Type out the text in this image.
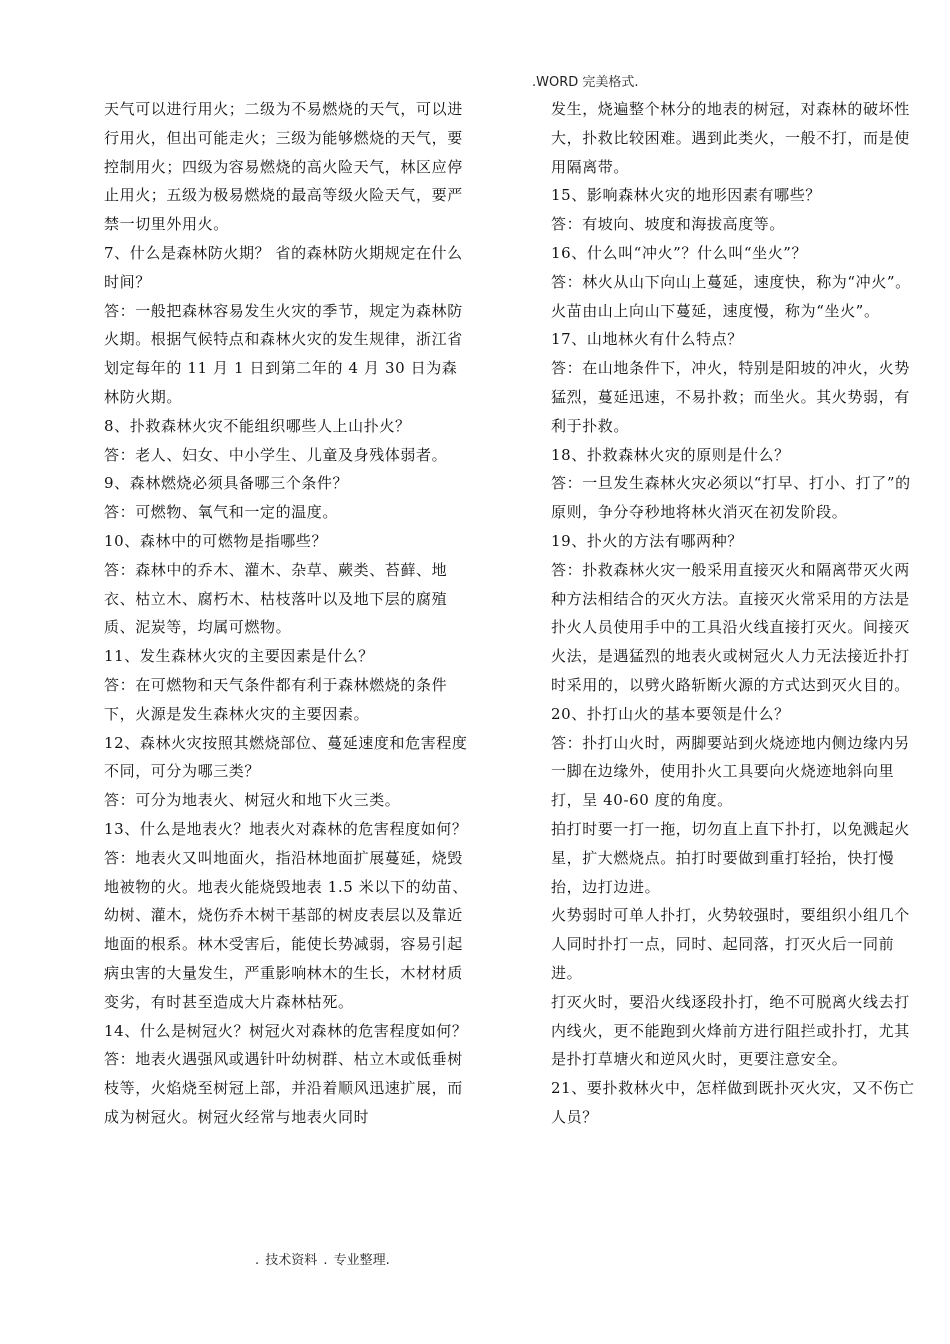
.WORD 完美格式.

天气可以进行用火；二级为不易燃烧的天气，可以进行用火，但出可能走火；三级为能够燃烧的天气，要控制用火；四级为容易燃烧的高火险天气，林区应停止用火；五级为极易燃烧的最高等级火险天气，要严禁一切里外用火。

7、什么是森林防火期？ 省的森林防火期规定在什么时间？

答：一般把森林容易发生火灾的季节，规定为森林防火期。根据气候特点和森林火灾的发生规律，浙江省划定每年的 11 月 1 日到第二年的 4 月 30 日为森林防火期。

8、扑救森林火灾不能组织哪些人上山扑火？

答：老人、妇女、中小学生、儿童及身残体弱者。

9、森林燃烧必须具备哪三个条件？

答：可燃物、氧气和一定的温度。

10、森林中的可燃物是指哪些？

答：森林中的乔木、灌木、杂草、蕨类、苔藓、地衣、枯立木、腐朽木、枯枝落叶以及地下层的腐殖质、泥炭等，均属可燃物。

11、发生森林火灾的主要因素是什么？

答：在可燃物和天气条件都有利于森林燃烧的条件下，火源是发生森林火灾的主要因素。

12、森林火灾按照其燃烧部位、蔓延速度和危害程度不同，可分为哪三类？

答：可分为地表火、树冠火和地下火三类。

13、什么是地表火？地表火对森林的危害程度如何？

答：地表火又叫地面火，指沿林地面扩展蔓延，烧毁地被物的火。地表火能烧毁地表 1.5 米以下的幼苗、幼树、灌木，烧伤乔木树干基部的树皮表层以及靠近地面的根系。林木受害后，能使长势减弱，容易引起病虫害的大量发生，严重影响林木的生长，木材材质变劣，有时甚至造成大片森林枯死。

14、什么是树冠火？树冠火对森林的危害程度如何？

答：地表火遇强风或遇针叶幼树群、枯立木或低垂树枝等，火焰烧至树冠上部，并沿着顺风迅速扩展，而成为树冠火。树冠火经常与地表火同时

发生，烧遍整个林分的地表的树冠，对森林的破坏性大，扑救比较困难。遇到此类火，一般不打，而是使用隔离带。

15、影响森林火灾的地形因素有哪些？

答：有坡向、坡度和海拔高度等。

16、什么叫“冲火”？什么叫“坐火”？

答：林火从山下向山上蔓延，速度快，称为“冲火”。火苗由山上向山下蔓延，速度慢，称为“坐火”。

17、山地林火有什么特点？

答：在山地条件下，冲火，特别是阳坡的冲火，火势猛烈，蔓延迅速，不易扑救；而坐火。其火势弱，有利于扑救。

18、扑救森林火灾的原则是什么？

答：一旦发生森林火灾必须以“打早、打小、打了”的原则，争分夺秒地将林火消灭在初发阶段。

19、扑火的方法有哪两种？

答：扑救森林火灾一般采用直接灭火和隔离带灭火两种方法相结合的灭火方法。直接灭火常采用的方法是扑火人员使用手中的工具沿火线直接打灭火。间接灭火法，是遇猛烈的地表火或树冠火人力无法接近扑打时采用的，以劈火路斩断火源的方式达到灭火目的。

20、扑打山火的基本要领是什么？

答：扑打山火时，两脚要站到火烧迹地内侧边缘内另一脚在边缘外，使用扑火工具要向火烧迹地斜向里打，呈 40-60 度的角度。

拍打时要一打一拖，切勿直上直下扑打，以免溅起火星，扩大燃烧点。拍打时要做到重打轻抬，快打慢抬，边打边进。

火势弱时可单人扑打，火势较强时，要组织小组几个人同时扑打一点，同时、起同落，打灭火后一同前进。

打灭火时，要沿火线逐段扑打，绝不可脱离火线去打内线火，更不能跑到火烽前方进行阻拦或扑打，尤其是扑打草塘火和逆风火时，更要注意安全。

21、要扑救林火中，怎样做到既扑灭火灾，又不伤亡人员？

. 技术资料 . 专业整理.
